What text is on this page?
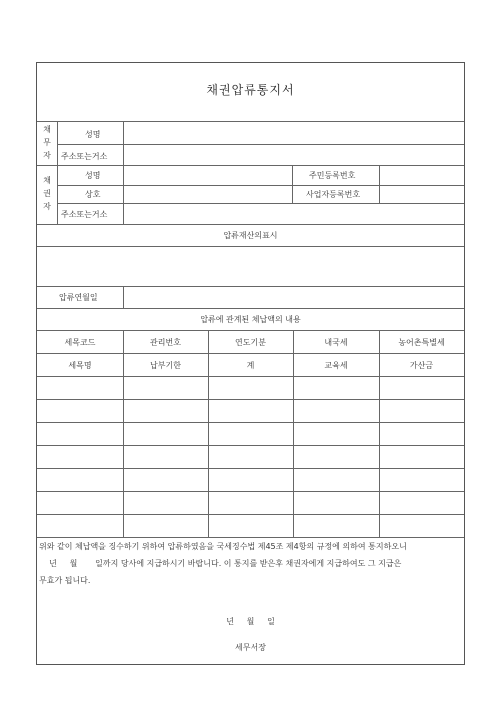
채권압류통지서
채
무
자
성명
주소또는거소
채
권
자
성명	주민등록번호
상호	사업자등록번호
주소또는거소
압류재산의표시
압류연월일
압류에 관계된 체납액의 내용
세목코드	관리번호	연도기분	내국세	농어촌특별세
세목명	납부기한	계	교육세	가산금
위와 같이 체납액을 징수하기 위하여 압류하였음을 국세징수법 제45조 제4항의 규정에 의하여 통지하오니
년     월       일까지 당사에 지급하시기 바랍니다. 이 통지를 받은후 채권자에게 지급하여도 그 지급은
무효가 됩니다.
년     월     일
세무서장
